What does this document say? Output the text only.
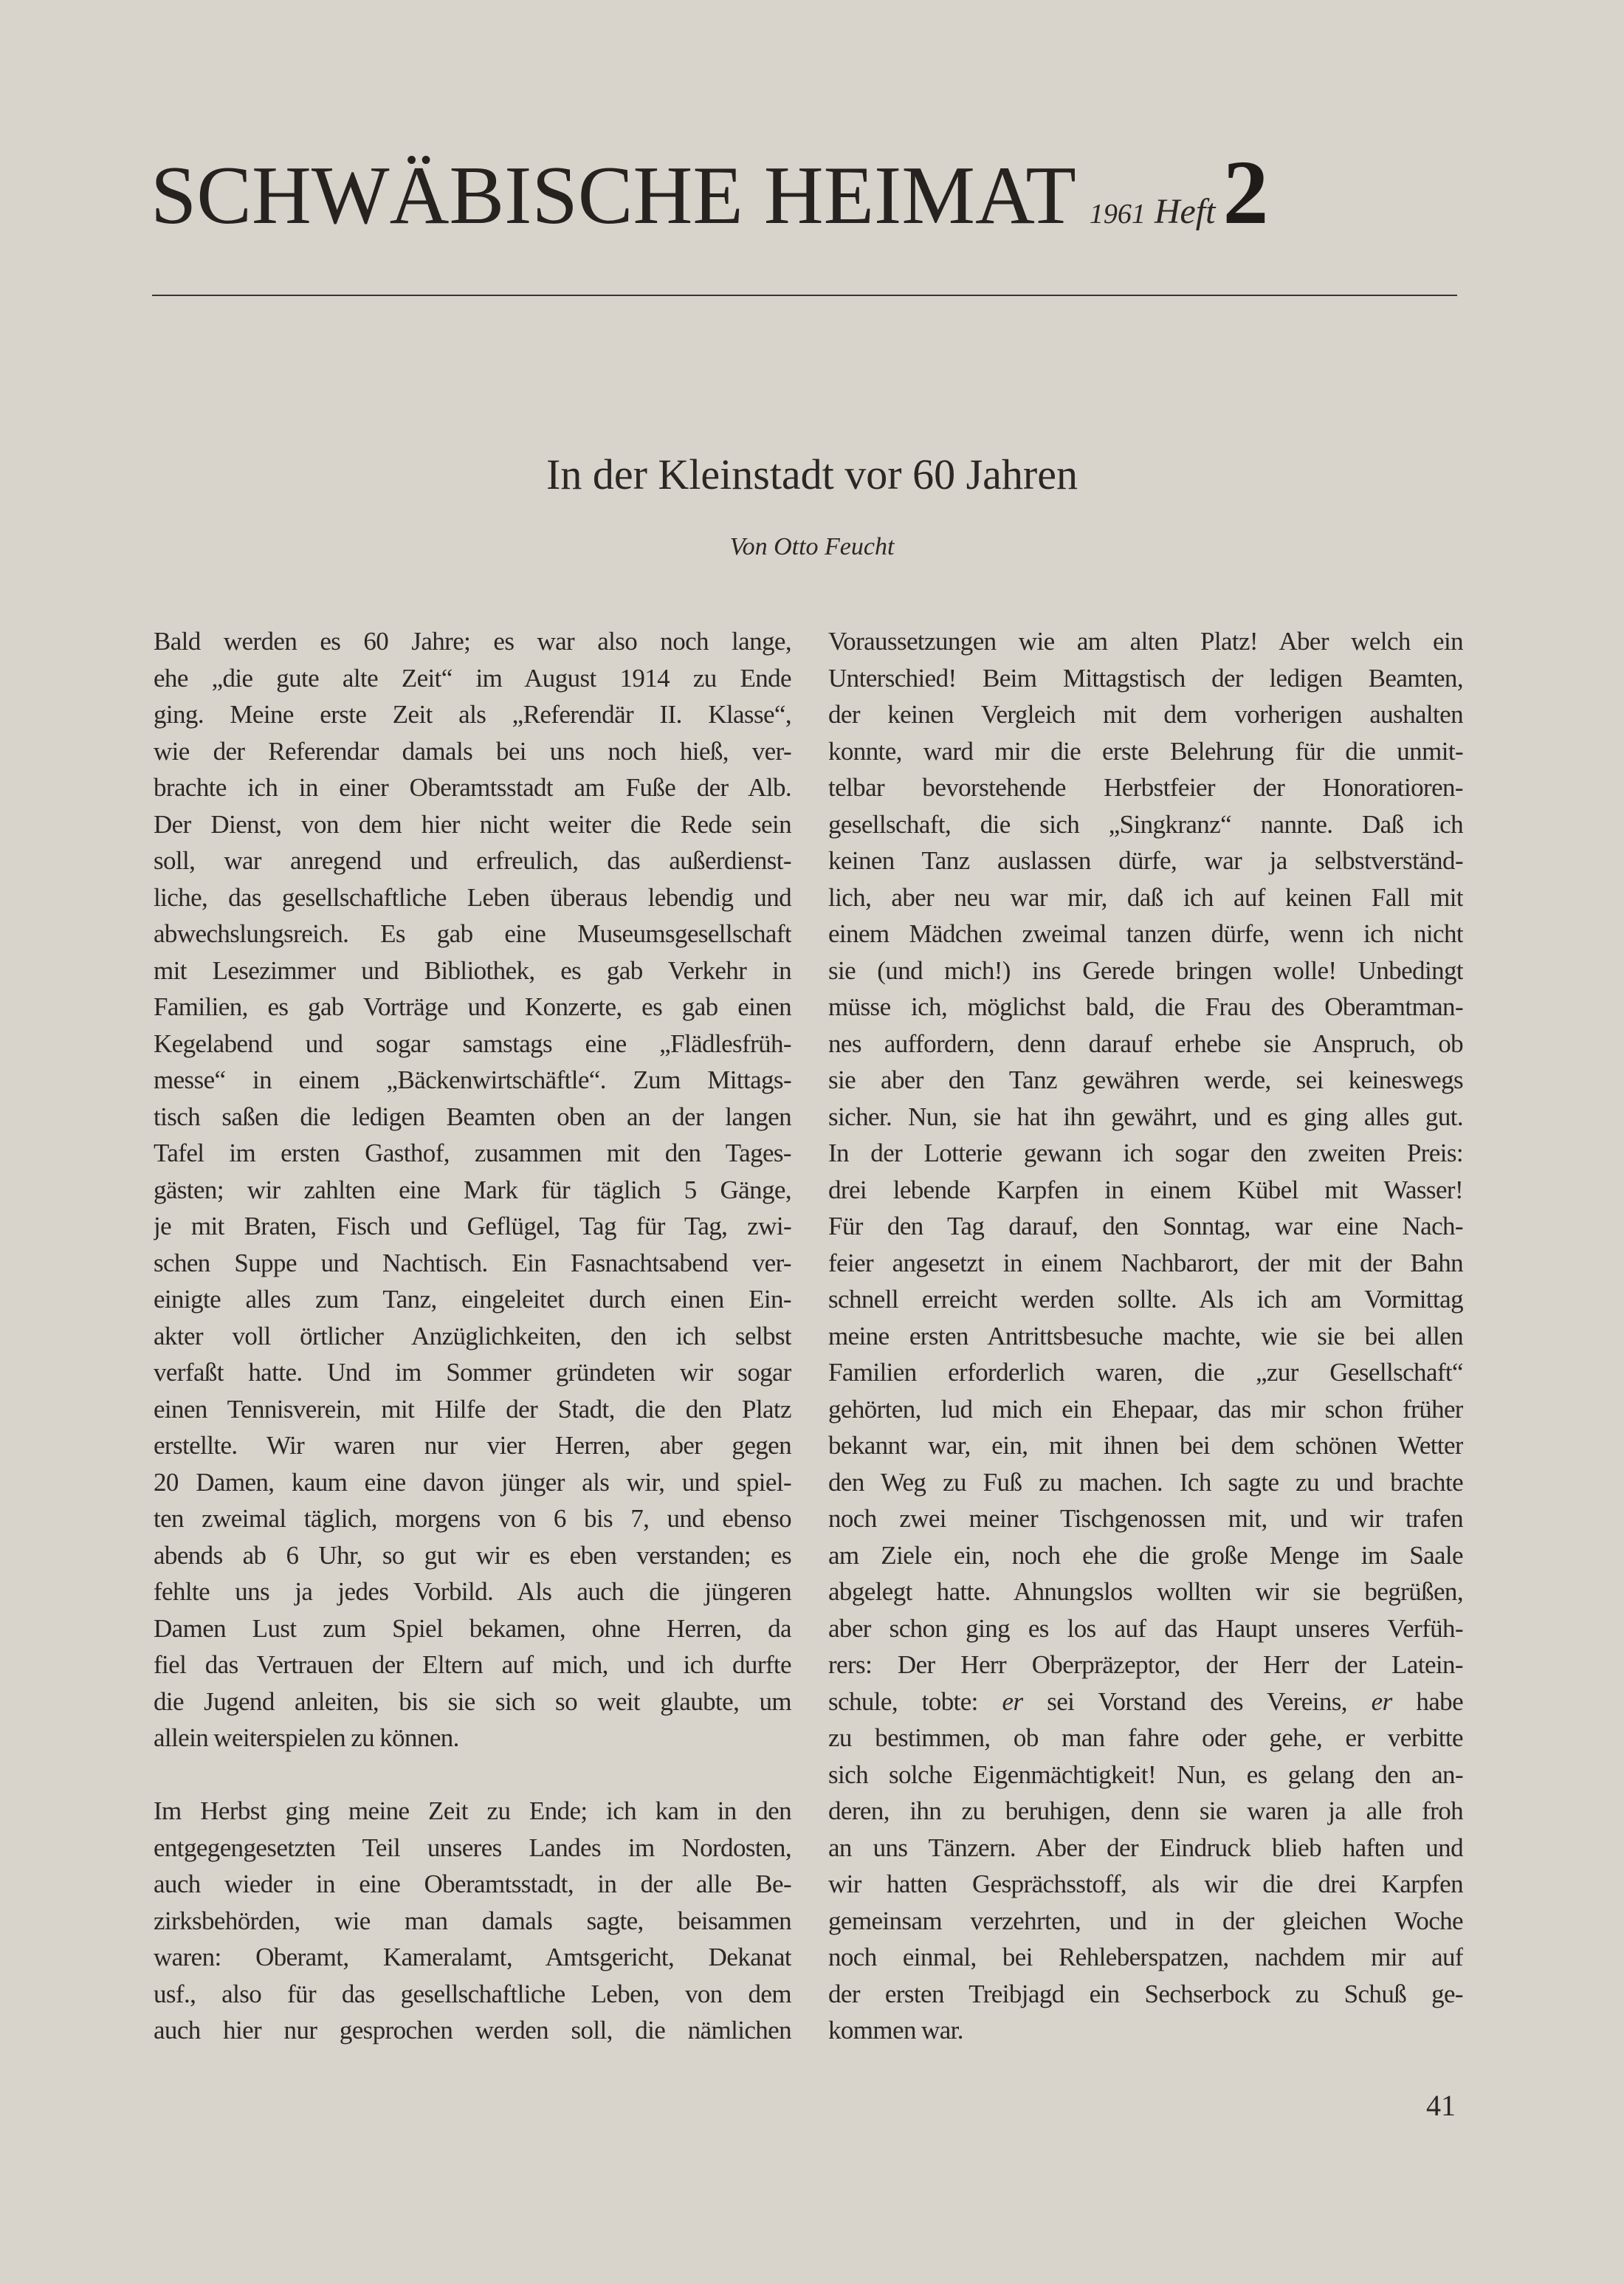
SCHWÄBISCHE HEIMAT 1961 Heft 2
In der Kleinstadt vor 60 Jahren
Von Otto Feucht
Bald werden es 60 Jahre; es war also noch lange,
ehe „die gute alte Zeit“ im August 1914 zu Ende
ging. Meine erste Zeit als „Referendär II. Klasse“,
wie der Referendar damals bei uns noch hieß, ver-
brachte ich in einer Oberamtsstadt am Fuße der Alb.
Der Dienst, von dem hier nicht weiter die Rede sein
soll, war anregend und erfreulich, das außerdienst-
liche, das gesellschaftliche Leben überaus lebendig und
abwechslungsreich. Es gab eine Museumsgesellschaft
mit Lesezimmer und Bibliothek, es gab Verkehr in
Familien, es gab Vorträge und Konzerte, es gab einen
Kegelabend und sogar samstags eine „Flädlesfrüh-
messe“ in einem „Bäckenwirtschäftle“. Zum Mittags-
tisch saßen die ledigen Beamten oben an der langen
Tafel im ersten Gasthof, zusammen mit den Tages-
gästen; wir zahlten eine Mark für täglich 5 Gänge,
je mit Braten, Fisch und Geflügel, Tag für Tag, zwi-
schen Suppe und Nachtisch. Ein Fasnachtsabend ver-
einigte alles zum Tanz, eingeleitet durch einen Ein-
akter voll örtlicher Anzüglichkeiten, den ich selbst
verfaßt hatte. Und im Sommer gründeten wir sogar
einen Tennisverein, mit Hilfe der Stadt, die den Platz
erstellte. Wir waren nur vier Herren, aber gegen
20 Damen, kaum eine davon jünger als wir, und spiel-
ten zweimal täglich, morgens von 6 bis 7, und ebenso
abends ab 6 Uhr, so gut wir es eben verstanden; es
fehlte uns ja jedes Vorbild. Als auch die jüngeren
Damen Lust zum Spiel bekamen, ohne Herren, da
fiel das Vertrauen der Eltern auf mich, und ich durfte
die Jugend anleiten, bis sie sich so weit glaubte, um
allein weiterspielen zu können.
Im Herbst ging meine Zeit zu Ende; ich kam in den
entgegengesetzten Teil unseres Landes im Nordosten,
auch wieder in eine Oberamtsstadt, in der alle Be-
zirksbehörden, wie man damals sagte, beisammen
waren: Oberamt, Kameralamt, Amtsgericht, Dekanat
usf., also für das gesellschaftliche Leben, von dem
auch hier nur gesprochen werden soll, die nämlichen
Voraussetzungen wie am alten Platz! Aber welch ein
Unterschied! Beim Mittagstisch der ledigen Beamten,
der keinen Vergleich mit dem vorherigen aushalten
konnte, ward mir die erste Belehrung für die unmit-
telbar bevorstehende Herbstfeier der Honoratioren-
gesellschaft, die sich „Singkranz“ nannte. Daß ich
keinen Tanz auslassen dürfe, war ja selbstverständ-
lich, aber neu war mir, daß ich auf keinen Fall mit
einem Mädchen zweimal tanzen dürfe, wenn ich nicht
sie (und mich!) ins Gerede bringen wolle! Unbedingt
müsse ich, möglichst bald, die Frau des Oberamtman-
nes auffordern, denn darauf erhebe sie Anspruch, ob
sie aber den Tanz gewähren werde, sei keineswegs
sicher. Nun, sie hat ihn gewährt, und es ging alles gut.
In der Lotterie gewann ich sogar den zweiten Preis:
drei lebende Karpfen in einem Kübel mit Wasser!
Für den Tag darauf, den Sonntag, war eine Nach-
feier angesetzt in einem Nachbarort, der mit der Bahn
schnell erreicht werden sollte. Als ich am Vormittag
meine ersten Antrittsbesuche machte, wie sie bei allen
Familien erforderlich waren, die „zur Gesellschaft“
gehörten, lud mich ein Ehepaar, das mir schon früher
bekannt war, ein, mit ihnen bei dem schönen Wetter
den Weg zu Fuß zu machen. Ich sagte zu und brachte
noch zwei meiner Tischgenossen mit, und wir trafen
am Ziele ein, noch ehe die große Menge im Saale
abgelegt hatte. Ahnungslos wollten wir sie begrüßen,
aber schon ging es los auf das Haupt unseres Verfüh-
rers: Der Herr Oberpräzeptor, der Herr der Latein-
schule, tobte: er sei Vorstand des Vereins, er habe
zu bestimmen, ob man fahre oder gehe, er verbitte
sich solche Eigenmächtigkeit! Nun, es gelang den an-
deren, ihn zu beruhigen, denn sie waren ja alle froh
an uns Tänzern. Aber der Eindruck blieb haften und
wir hatten Gesprächsstoff, als wir die drei Karpfen
gemeinsam verzehrten, und in der gleichen Woche
noch einmal, bei Rehleberspatzen, nachdem mir auf
der ersten Treibjagd ein Sechserbock zu Schuß ge-
kommen war.
41
